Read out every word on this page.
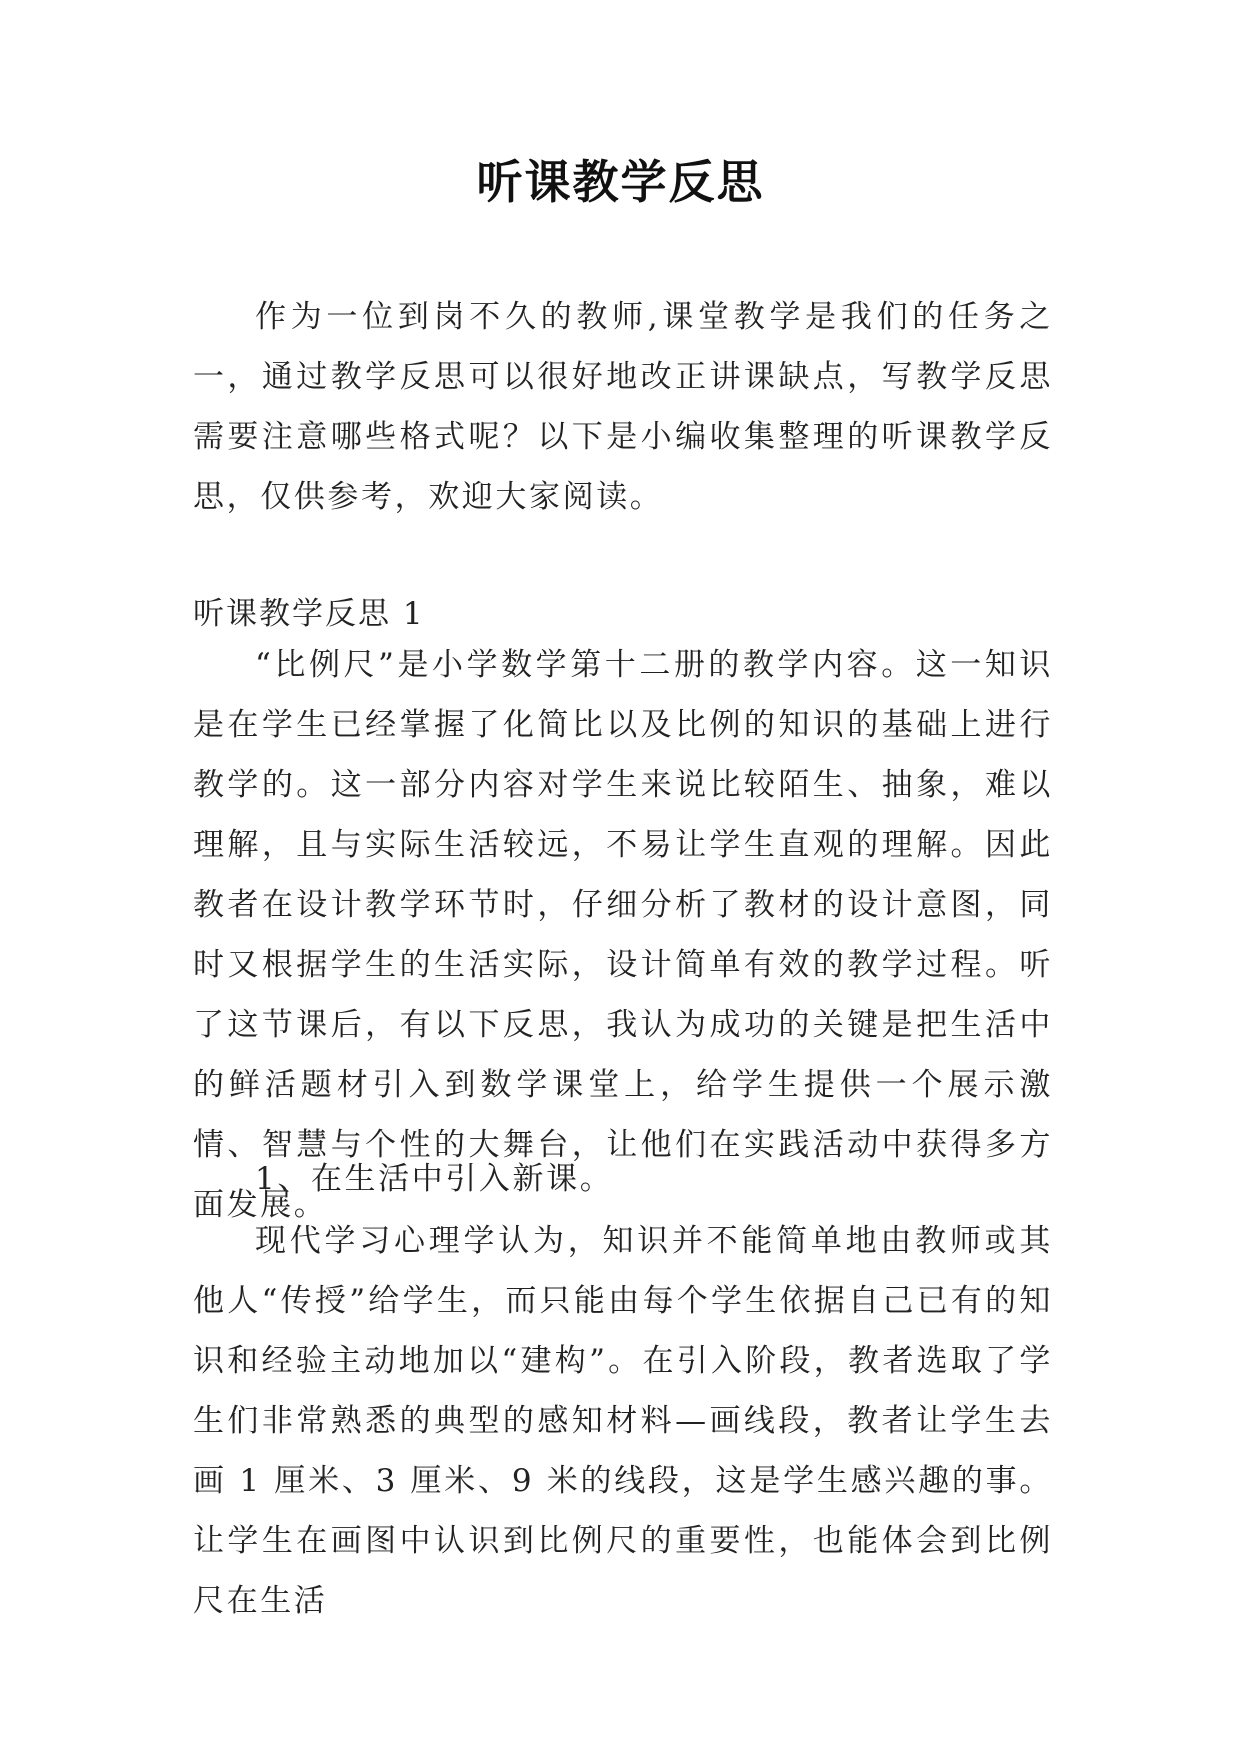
听课教学反思

作为一位到岗不久的教师,课堂教学是我们的任务之一，通过教学反思可以很好地改正讲课缺点，写教学反思需要注意哪些格式呢？以下是小编收集整理的听课教学反思，仅供参考，欢迎大家阅读。

听课教学反思 1

“比例尺”是小学数学第十二册的教学内容。这一知识是在学生已经掌握了化简比以及比例的知识的基础上进行教学的。这一部分内容对学生来说比较陌生、抽象，难以理解，且与实际生活较远，不易让学生直观的理解。因此教者在设计教学环节时，仔细分析了教材的设计意图，同时又根据学生的生活实际，设计简单有效的教学过程。听了这节课后，有以下反思，我认为成功的关键是把生活中的鲜活题材引入到数学课堂上，给学生提供一个展示激情、智慧与个性的大舞台，让他们在实践活动中获得多方面发展。

1、在生活中引入新课。

现代学习心理学认为，知识并不能简单地由教师或其他人“传授”给学生，而只能由每个学生依据自己已有的知识和经验主动地加以“建构”。在引入阶段，教者选取了学生们非常熟悉的典型的感知材料—画线段，教者让学生去画 1 厘米、3 厘米、9 米的线段，这是学生感兴趣的事。让学生在画图中认识到比例尺的重要性，也能体会到比例尺在生活
